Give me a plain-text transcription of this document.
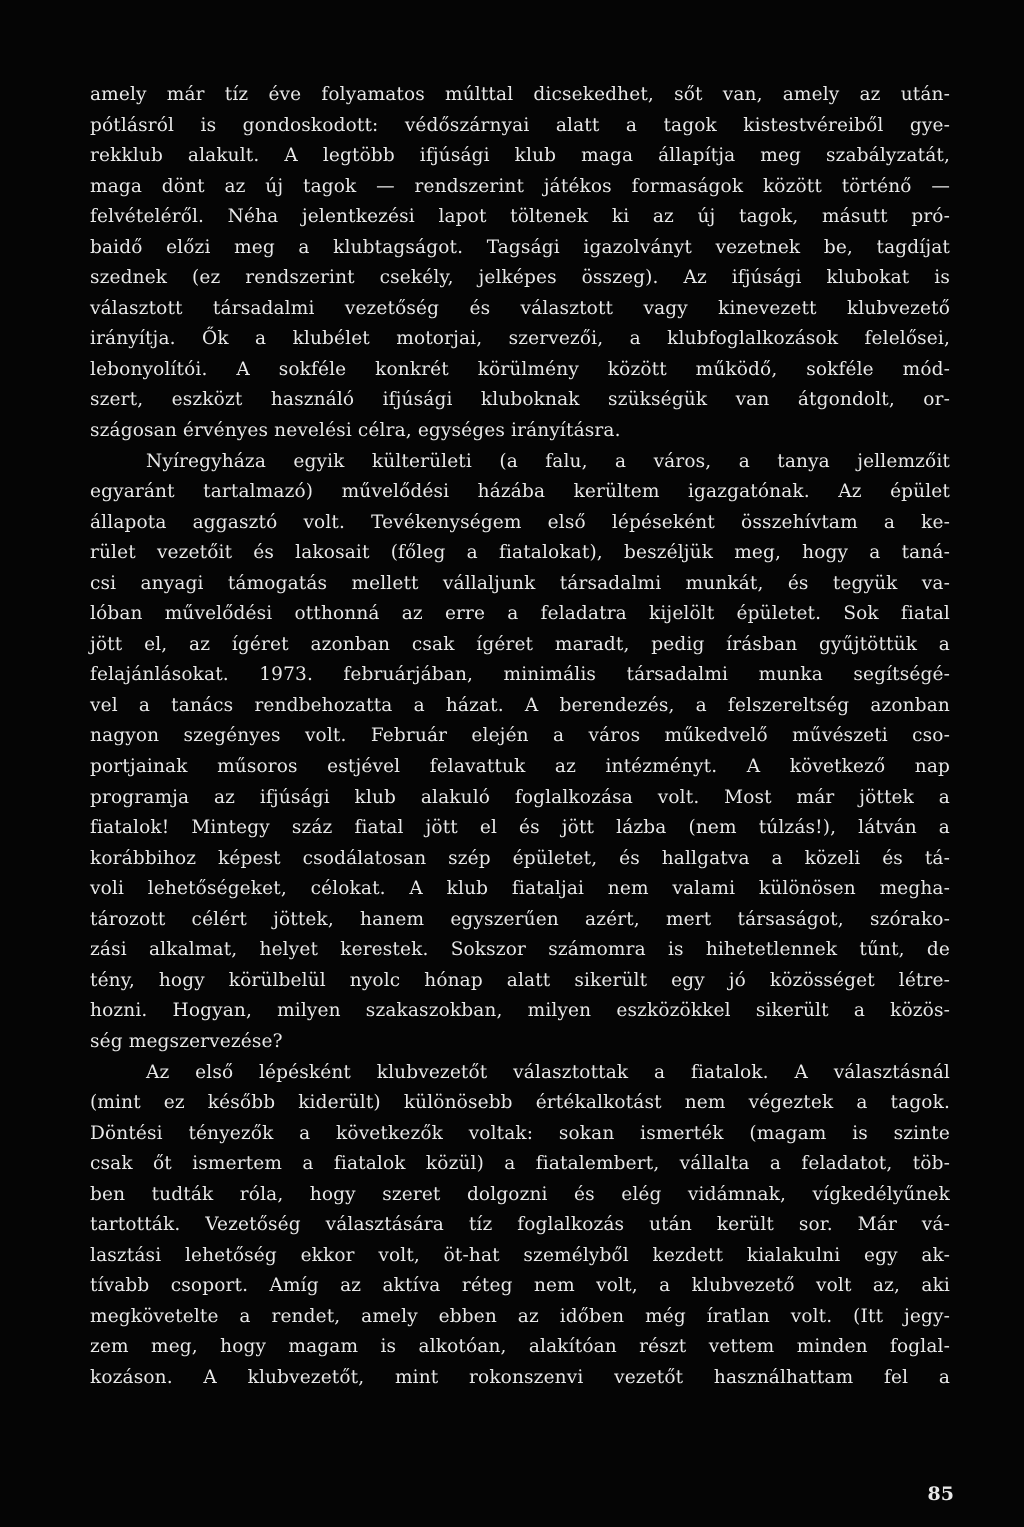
amely már tíz éve folyamatos múlttal dicsekedhet, sőt van, amely az után-
pótlásról is gondoskodott: védőszárnyai alatt a tagok kistestvéreiből gye-
rekklub alakult. A legtöbb ifjúsági klub maga állapítja meg szabályzatát,
maga dönt az új tagok — rendszerint játékos formaságok között történő —
felvételéről. Néha jelentkezési lapot töltenek ki az új tagok, másutt pró-
baidő előzi meg a klubtagságot. Tagsági igazolványt vezetnek be, tagdíjat
szednek (ez rendszerint csekély, jelképes összeg). Az ifjúsági klubokat is
választott társadalmi vezetőség és választott vagy kinevezett klubvezető
irányítja. Ők a klubélet motorjai, szervezői, a klubfoglalkozások felelősei,
lebonyolítói. A sokféle konkrét körülmény között működő, sokféle mód-
szert, eszközt használó ifjúsági kluboknak szükségük van átgondolt, or-
szágosan érvényes nevelési célra, egységes irányításra.
Nyíregyháza egyik külterületi (a falu, a város, a tanya jellemzőit
egyaránt tartalmazó) művelődési házába kerültem igazgatónak. Az épület
állapota aggasztó volt. Tevékenységem első lépéseként összehívtam a ke-
rület vezetőit és lakosait (főleg a fiatalokat), beszéljük meg, hogy a taná-
csi anyagi támogatás mellett vállaljunk társadalmi munkát, és tegyük va-
lóban művelődési otthonná az erre a feladatra kijelölt épületet. Sok fiatal
jött el, az ígéret azonban csak ígéret maradt, pedig írásban gyűjtöttük a
felajánlásokat. 1973. februárjában, minimális társadalmi munka segítségé-
vel a tanács rendbehozatta a házat. A berendezés, a felszereltség azonban
nagyon szegényes volt. Február elején a város műkedvelő művészeti cso-
portjainak műsoros estjével felavattuk az intézményt. A következő nap
programja az ifjúsági klub alakuló foglalkozása volt. Most már jöttek a
fiatalok! Mintegy száz fiatal jött el és jött lázba (nem túlzás!), látván a
korábbihoz képest csodálatosan szép épületet, és hallgatva a közeli és tá-
voli lehetőségeket, célokat. A klub fiataljai nem valami különösen megha-
tározott célért jöttek, hanem egyszerűen azért, mert társaságot, szórako-
zási alkalmat, helyet kerestek. Sokszor számomra is hihetetlennek tűnt, de
tény, hogy körülbelül nyolc hónap alatt sikerült egy jó közösséget létre-
hozni. Hogyan, milyen szakaszokban, milyen eszközökkel sikerült a közös-
ség megszervezése?
Az első lépésként klubvezetőt választottak a fiatalok. A választásnál
(mint ez később kiderült) különösebb értékalkotást nem végeztek a tagok.
Döntési tényezők a következők voltak: sokan ismerték (magam is szinte
csak őt ismertem a fiatalok közül) a fiatalembert, vállalta a feladatot, töb-
ben tudták róla, hogy szeret dolgozni és elég vidámnak, vígkedélyűnek
tartották. Vezetőség választására tíz foglalkozás után került sor. Már vá-
lasztási lehetőség ekkor volt, öt-hat személyből kezdett kialakulni egy ak-
tívabb csoport. Amíg az aktíva réteg nem volt, a klubvezető volt az, aki
megkövetelte a rendet, amely ebben az időben még íratlan volt. (Itt jegy-
zem meg, hogy magam is alkotóan, alakítóan részt vettem minden foglal-
kozáson. A klubvezetőt, mint rokonszenvi vezetőt használhattam fel a
85
